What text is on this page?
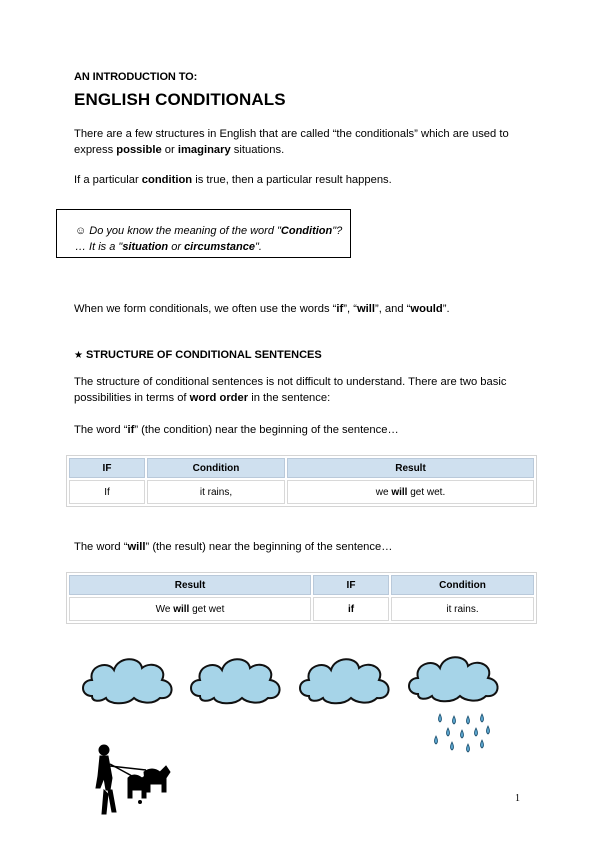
AN INTRODUCTION TO:
ENGLISH CONDITIONALS
There are a few structures in English that are called “the conditionals” which are used to express possible or imaginary situations.
If a particular condition is true, then a particular result happens.
☺ Do you know the meaning of the word "Condition"?
… It is a "situation or circumstance".
When we form conditionals, we often use the words “if”, “will”, and “would”.
★ STRUCTURE OF CONDITIONAL SENTENCES
The structure of conditional sentences is not difficult to understand. There are two basic possibilities in terms of word order in the sentence:
The word “if” (the condition) near the beginning of the sentence…
IF	Condition	Result
If	it rains,	we will get wet.
The word “will” (the result) near the beginning of the sentence…
Result	IF	Condition
We will get wet	if	it rains.
1
